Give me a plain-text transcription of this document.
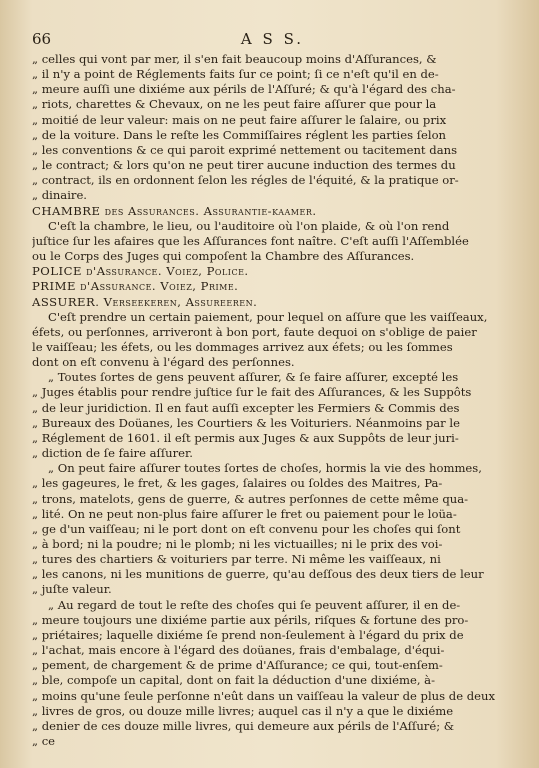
66	A S S.
„ celles qui vont par mer, il s'en fait beaucoup moins d'Aſſurances, &
„ il n'y a point de Réglements faits ſur ce point; ſi ce n'eſt qu'il en de-
„ meure auſſi une dixiéme aux périls de l'Aſſuré; & qu'à l'égard des cha-
„ riots, charettes & Chevaux, on ne les peut faire aſſurer que pour la
„ moitié de leur valeur: mais on ne peut faire aſſurer le ſalaire, ou prix
„ de la voiture. Dans le reſte les Commiſſaires réglent les parties ſelon
„ les conventions & ce qui paroit exprimé nettement ou tacitement dans
„ le contract; & lors qu'on ne peut tirer aucune induction des termes du
„ contract, ils en ordonnent ſelon les régles de l'équité, & la pratique or-
„ dinaire.
CHAMBRE des Aſſurances. Aſſurantie-kaamer.
C'eſt la chambre, le lieu, ou l'auditoire où l'on plaide, & où l'on rend
juſtice ſur les afaires que les Aſſurances font naître. C'eſt auſſi l'Aſſemblée
ou le Corps des Juges qui compoſent la Chambre des Aſſurances.
POLICE d'Aſſurance. Voiez, Police.
PRIME d'Aſſurance. Voiez, Prime.
ASSURER. Verſeekeren, Aſſureeren.
C'eſt prendre un certain paiement, pour lequel on aſſure que les vaiſſeaux,
éfets, ou perſonnes, arriveront à bon port, faute dequoi on s'oblige de paier
le vaiſſeau; les éfets, ou les dommages arrivez aux éfets; ou les ſommes
dont on eſt convenu à l'égard des perſonnes.
„ Toutes ſortes de gens peuvent aſſurer, & ſe faire aſſurer, excepté les
„ Juges établis pour rendre juſtice ſur le fait des Aſſurances, & les Suppôts
„ de leur juridiction. Il en faut auſſi excepter les Fermiers & Commis des
„ Bureaux des Doüanes, les Courtiers & les Voituriers. Néanmoins par le
„ Réglement de 1601. il eſt permis aux Juges & aux Suppôts de leur juri-
„ diction de ſe faire aſſurer.
„ On peut faire aſſurer toutes ſortes de choſes, hormis la vie des hommes,
„ les gageures, le fret, & les gages, ſalaires ou ſoldes des Maitres, Pa-
„ trons, matelots, gens de guerre, & autres perſonnes de cette même qua-
„ lité. On ne peut non-plus faire aſſurer le fret ou paiement pour le loüa-
„ ge d'un vaiſſeau; ni le port dont on eſt convenu pour les choſes qui ſont
„ à bord; ni la poudre; ni le plomb; ni les victuailles; ni le prix des voi-
„ tures des chartiers & voituriers par terre. Ni même les vaiſſeaux, ni
„ les canons, ni les munitions de guerre, qu'au deſſous des deux tiers de leur
„ juſte valeur.
„ Au regard de tout le reſte des choſes qui ſe peuvent aſſurer, il en de-
„ meure toujours une dixiéme partie aux périls, riſques & fortune des pro-
„ priétaires; laquelle dixiéme ſe prend non-ſeulement à l'égard du prix de
„ l'achat, mais encore à l'égard des doüanes, frais d'embalage, d'équi-
„ pement, de chargement & de prime d'Aſſurance; ce qui, tout-enſem-
„ ble, compoſe un capital, dont on fait la déduction d'une dixiéme, à-
„ moins qu'une ſeule perſonne n'eût dans un vaiſſeau la valeur de plus de deux
„ livres de gros, ou douze mille livres; auquel cas il n'y a que le dixiéme
„ denier de ces douze mille livres, qui demeure aux périls de l'Aſſuré; &
„ ce
